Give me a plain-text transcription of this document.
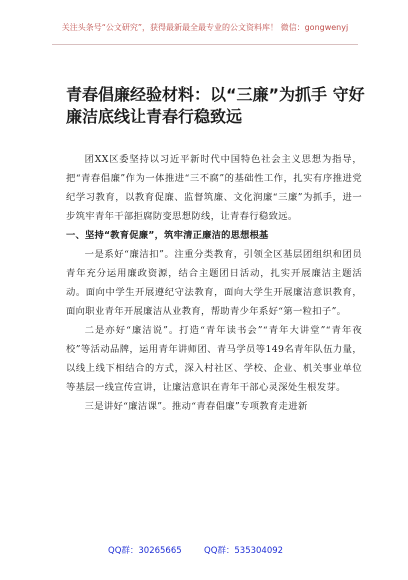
关注头条号“公文研究”，获得最新最全最专业的公文资料库！ 微信：gongwenyj
青春倡廉经验材料：以“三廉”为抓手 守好廉洁底线让青春行稳致远

团XX区委坚持以习近平新时代中国特色社会主义思想为指导，把“青春倡廉”作为一体推进“三不腐”的基础性工作，扎实有序推进党纪学习教育，以教育促廉、监督筑廉、文化润廉“三廉”为抓手，进一步筑牢青年干部拒腐防变思想防线，让青春行稳致远。

一、坚持“教育促廉”，筑牢清正廉洁的思想根基

一是系好“廉洁扣”。注重分类教育，引领全区基层团组织和团员青年充分运用廉政资源，结合主题团日活动，扎实开展廉洁主题活动。面向中学生开展遵纪守法教育，面向大学生开展廉洁意识教育，面向职业青年开展廉洁从业教育，帮助青少年系好“第一粒扣子”。

二是亦好“廉洁说”。打造“青年读书会”“青年大讲堂”“青年夜校”等活动品牌，运用青年讲师团、青马学员等149名青年队伍力量，以线上线下相结合的方式，深入村社区、学校、企业、机关事业单位等基层一线宣传宣讲，让廉洁意识在青年干部心灵深处生根发芽。

三是讲好“廉洁课”。推动“青春倡廉”专项教育走进新

QQ群：30265665	QQ群：535304092
